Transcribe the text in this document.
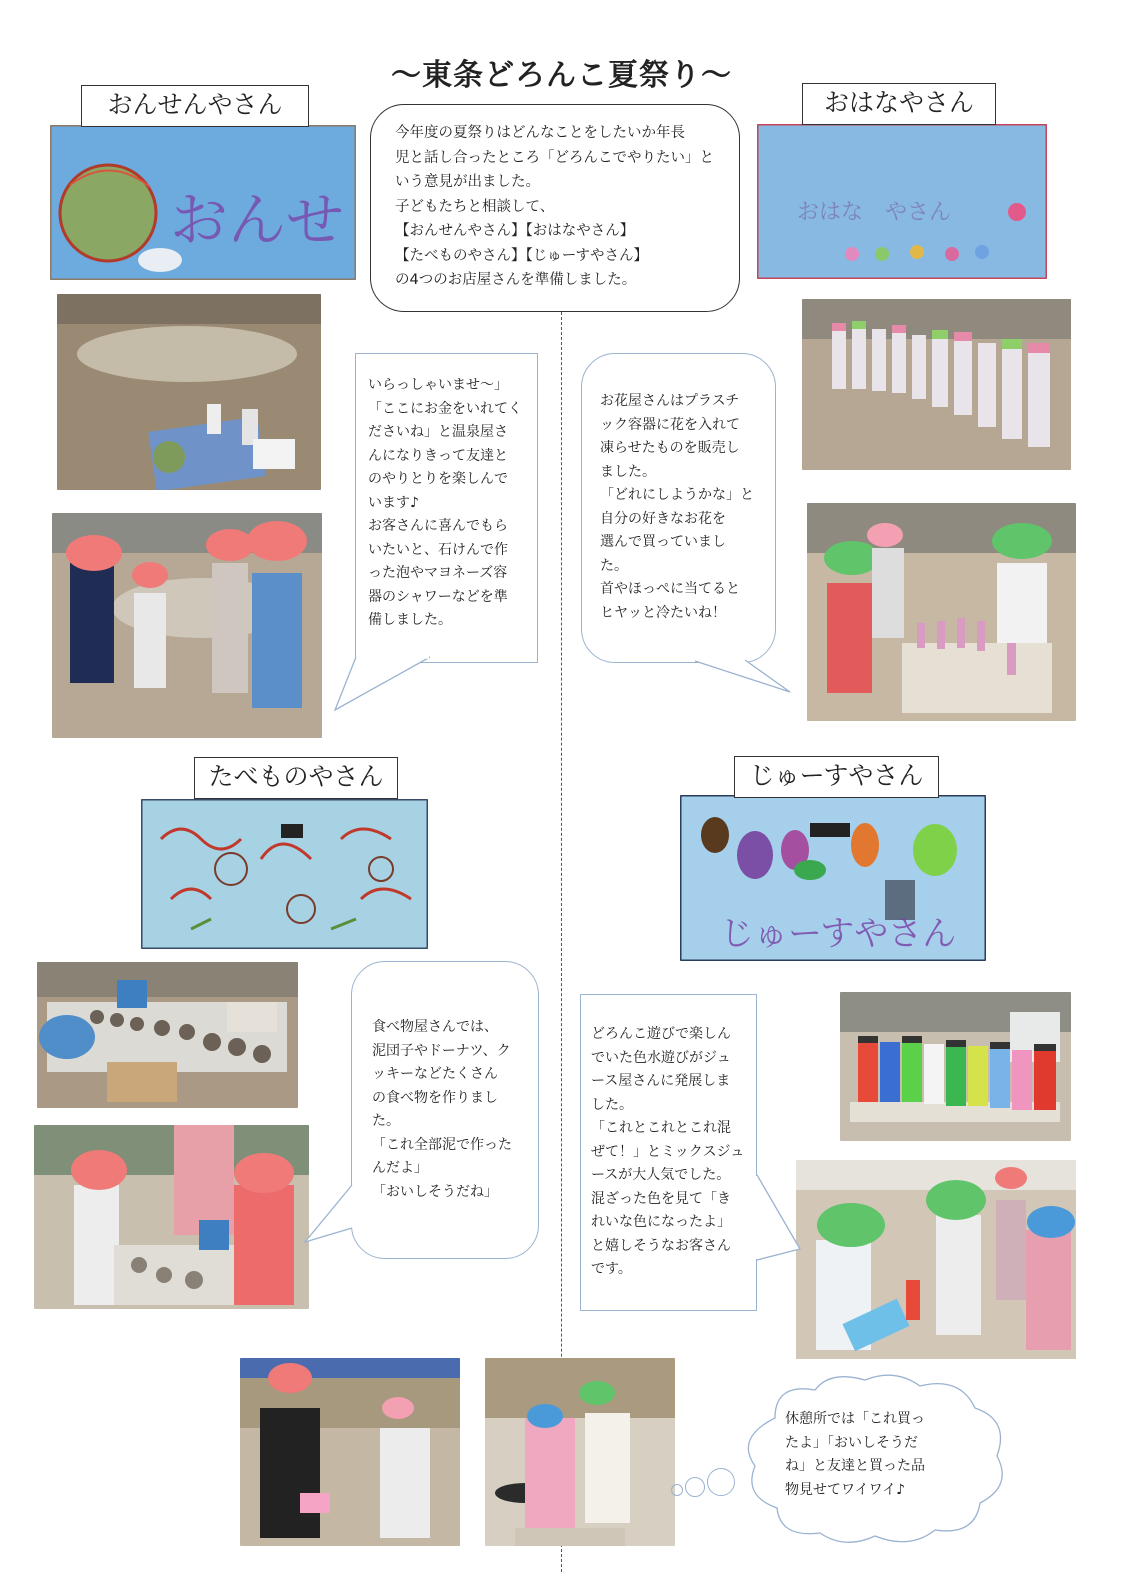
～東条どろんこ夏祭り～
今年度の夏祭りはどんなことをしたいか年長
児と話し合ったところ「どろんこでやりたい」と
いう意見が出ました。
子どもたちと相談して、
【おんせんやさん】【おはなやさん】
【たべものやさん】【じゅーすやさん】
の4つのお店屋さんを準備しました。
おんせんやさん
おんせ
いらっしゃいませ～」
「ここにお金をいれてく
ださいね」と温泉屋さ
んになりきって友達と
のやりとりを楽しんで
います♪
お客さんに喜んでもら
いたいと、石けんで作
った泡やマヨネーズ容
器のシャワーなどを準
備しました。
おはなやさん
おはな　やさん
お花屋さんはプラスチ
ック容器に花を入れて
凍らせたものを販売し
ました。
「どれにしようかな」と
自分の好きなお花を
選んで買っていまし
た。
首やほっぺに当てると
ヒヤッと冷たいね！
たべものやさん
食べ物屋さんでは、
泥団子やドーナツ、ク
ッキーなどたくさん
の食べ物を作りまし
た。
「これ全部泥で作った
んだよ」
「おいしそうだね」
じゅーすやさん
じゅーすやさん
どろんこ遊びで楽しん
でいた色水遊びがジュ
ース屋さんに発展しま
した。
「これとこれとこれ混
ぜて！」とミックスジュ
ースが大人気でした。
混ざった色を見て「き
れいな色になったよ」
と嬉しそうなお客さん
です。
休憩所では「これ買っ
たよ」「おいしそうだ
ね」と友達と買った品
物見せてワイワイ♪
